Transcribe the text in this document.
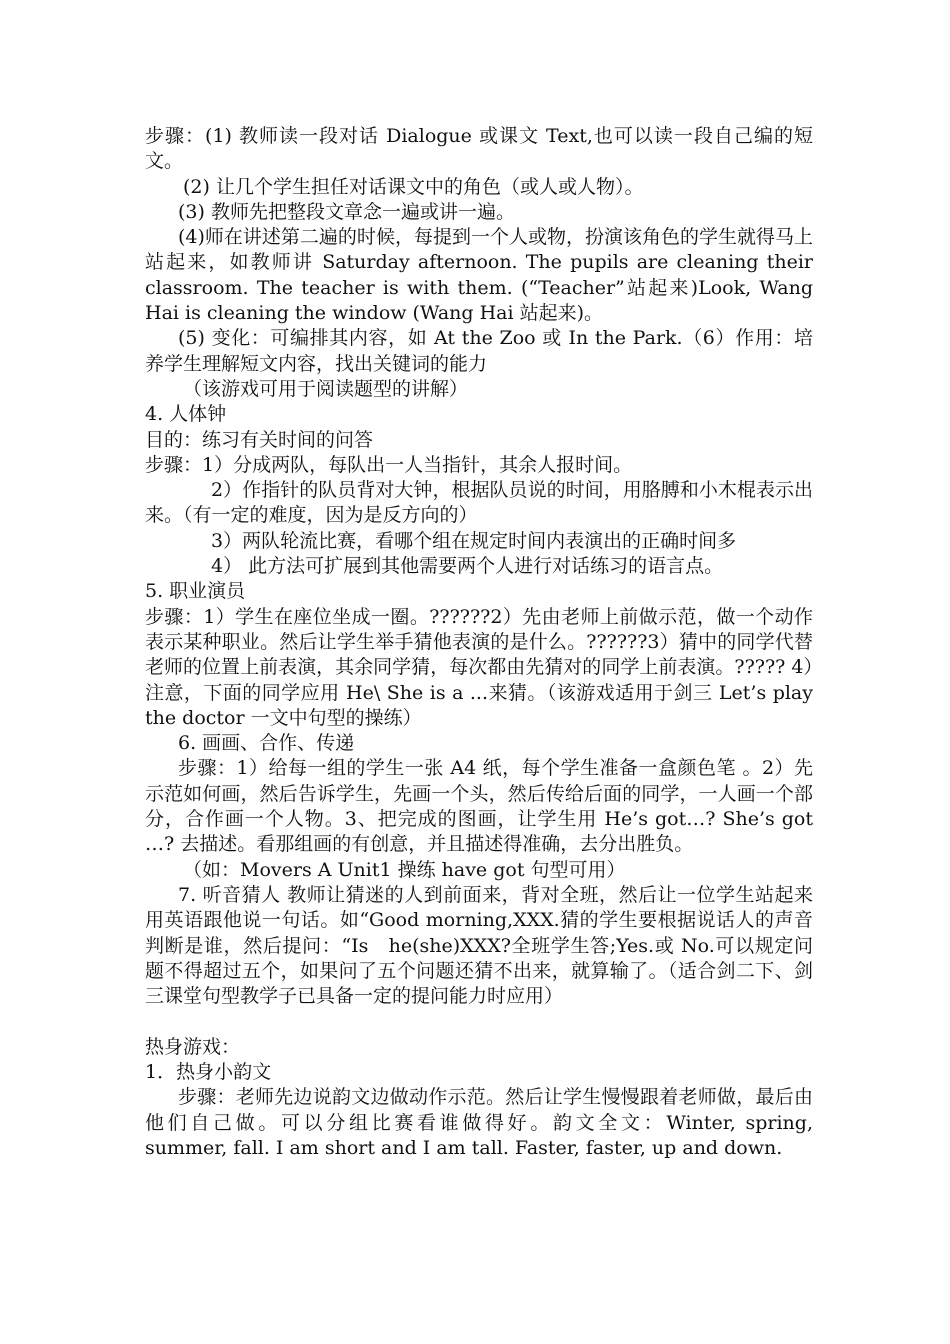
步骤：(1) 教师读一段对话 Dialogue 或课文 Text,也可以读一段自己编的短文。

(2) 让几个学生担任对话课文中的角色（或人或人物）。

(3) 教师先把整段文章念一遍或讲一遍。

(4)师在讲述第二遍的时候，每提到一个人或物，扮演该角色的学生就得马上站起来，如教师讲 Saturday afternoon. The pupils are cleaning their classroom. The teacher is with them. (“Teacher”站起来)Look, Wang Hai is cleaning the window (Wang Hai 站起来)。

(5) 变化：可编排其内容，如 At the Zoo 或 In the Park.（6）作用：培养学生理解短文内容，找出关键词的能力

（该游戏可用于阅读题型的讲解）

4. 人体钟

目的：练习有关时间的问答

步骤：1）分成两队，每队出一人当指针，其余人报时间。

2）作指针的队员背对大钟，根据队员说的时间，用胳膊和小木棍表示出来。（有一定的难度，因为是反方向的）

3）两队轮流比赛，看哪个组在规定时间内表演出的正确时间多

4） 此方法可扩展到其他需要两个人进行对话练习的语言点。

5. 职业演员

步骤：1）学生在座位坐成一圈。??????2）先由老师上前做示范，做一个动作表示某种职业。然后让学生举手猜他表演的是什么。??????3）猜中的同学代替老师的位置上前表演，其余同学猜，每次都由先猜对的同学上前表演。????? 4）注意，下面的同学应用 He\ She is a ...来猜。（该游戏适用于剑三 Let’s play the doctor 一文中句型的操练）

6. 画画、合作、传递

步骤：1）给每一组的学生一张 A4 纸，每个学生准备一盒颜色笔 。2）先示范如何画，然后告诉学生，先画一个头，然后传给后面的同学，一人画一个部分，合作画一个人物。3、把完成的图画，让学生用 He’s got…? She’s got …? 去描述。看那组画的有创意，并且描述得准确，去分出胜负。

（如：Movers A Unit1 操练 have got 句型可用）

7. 听音猜人 教师让猜迷的人到前面来，背对全班，然后让一位学生站起来用英语跟他说一句话。如“Good morning,XXX.猜的学生要根据说话人的声音判断是谁，然后提问：“Is　he(she)XXX?全班学生答;Yes.或 No.可以规定问题不得超过五个，如果问了五个问题还猜不出来，就算输了。（适合剑二下、剑三课堂句型教学子已具备一定的提问能力时应用）

热身游戏：

1．热身小韵文

步骤：老师先边说韵文边做动作示范。然后让学生慢慢跟着老师做，最后由他们自己做。可以分组比赛看谁做得好。韵文全文：Winter, spring, summer, fall. I am short and I am tall. Faster, faster, up and down.
